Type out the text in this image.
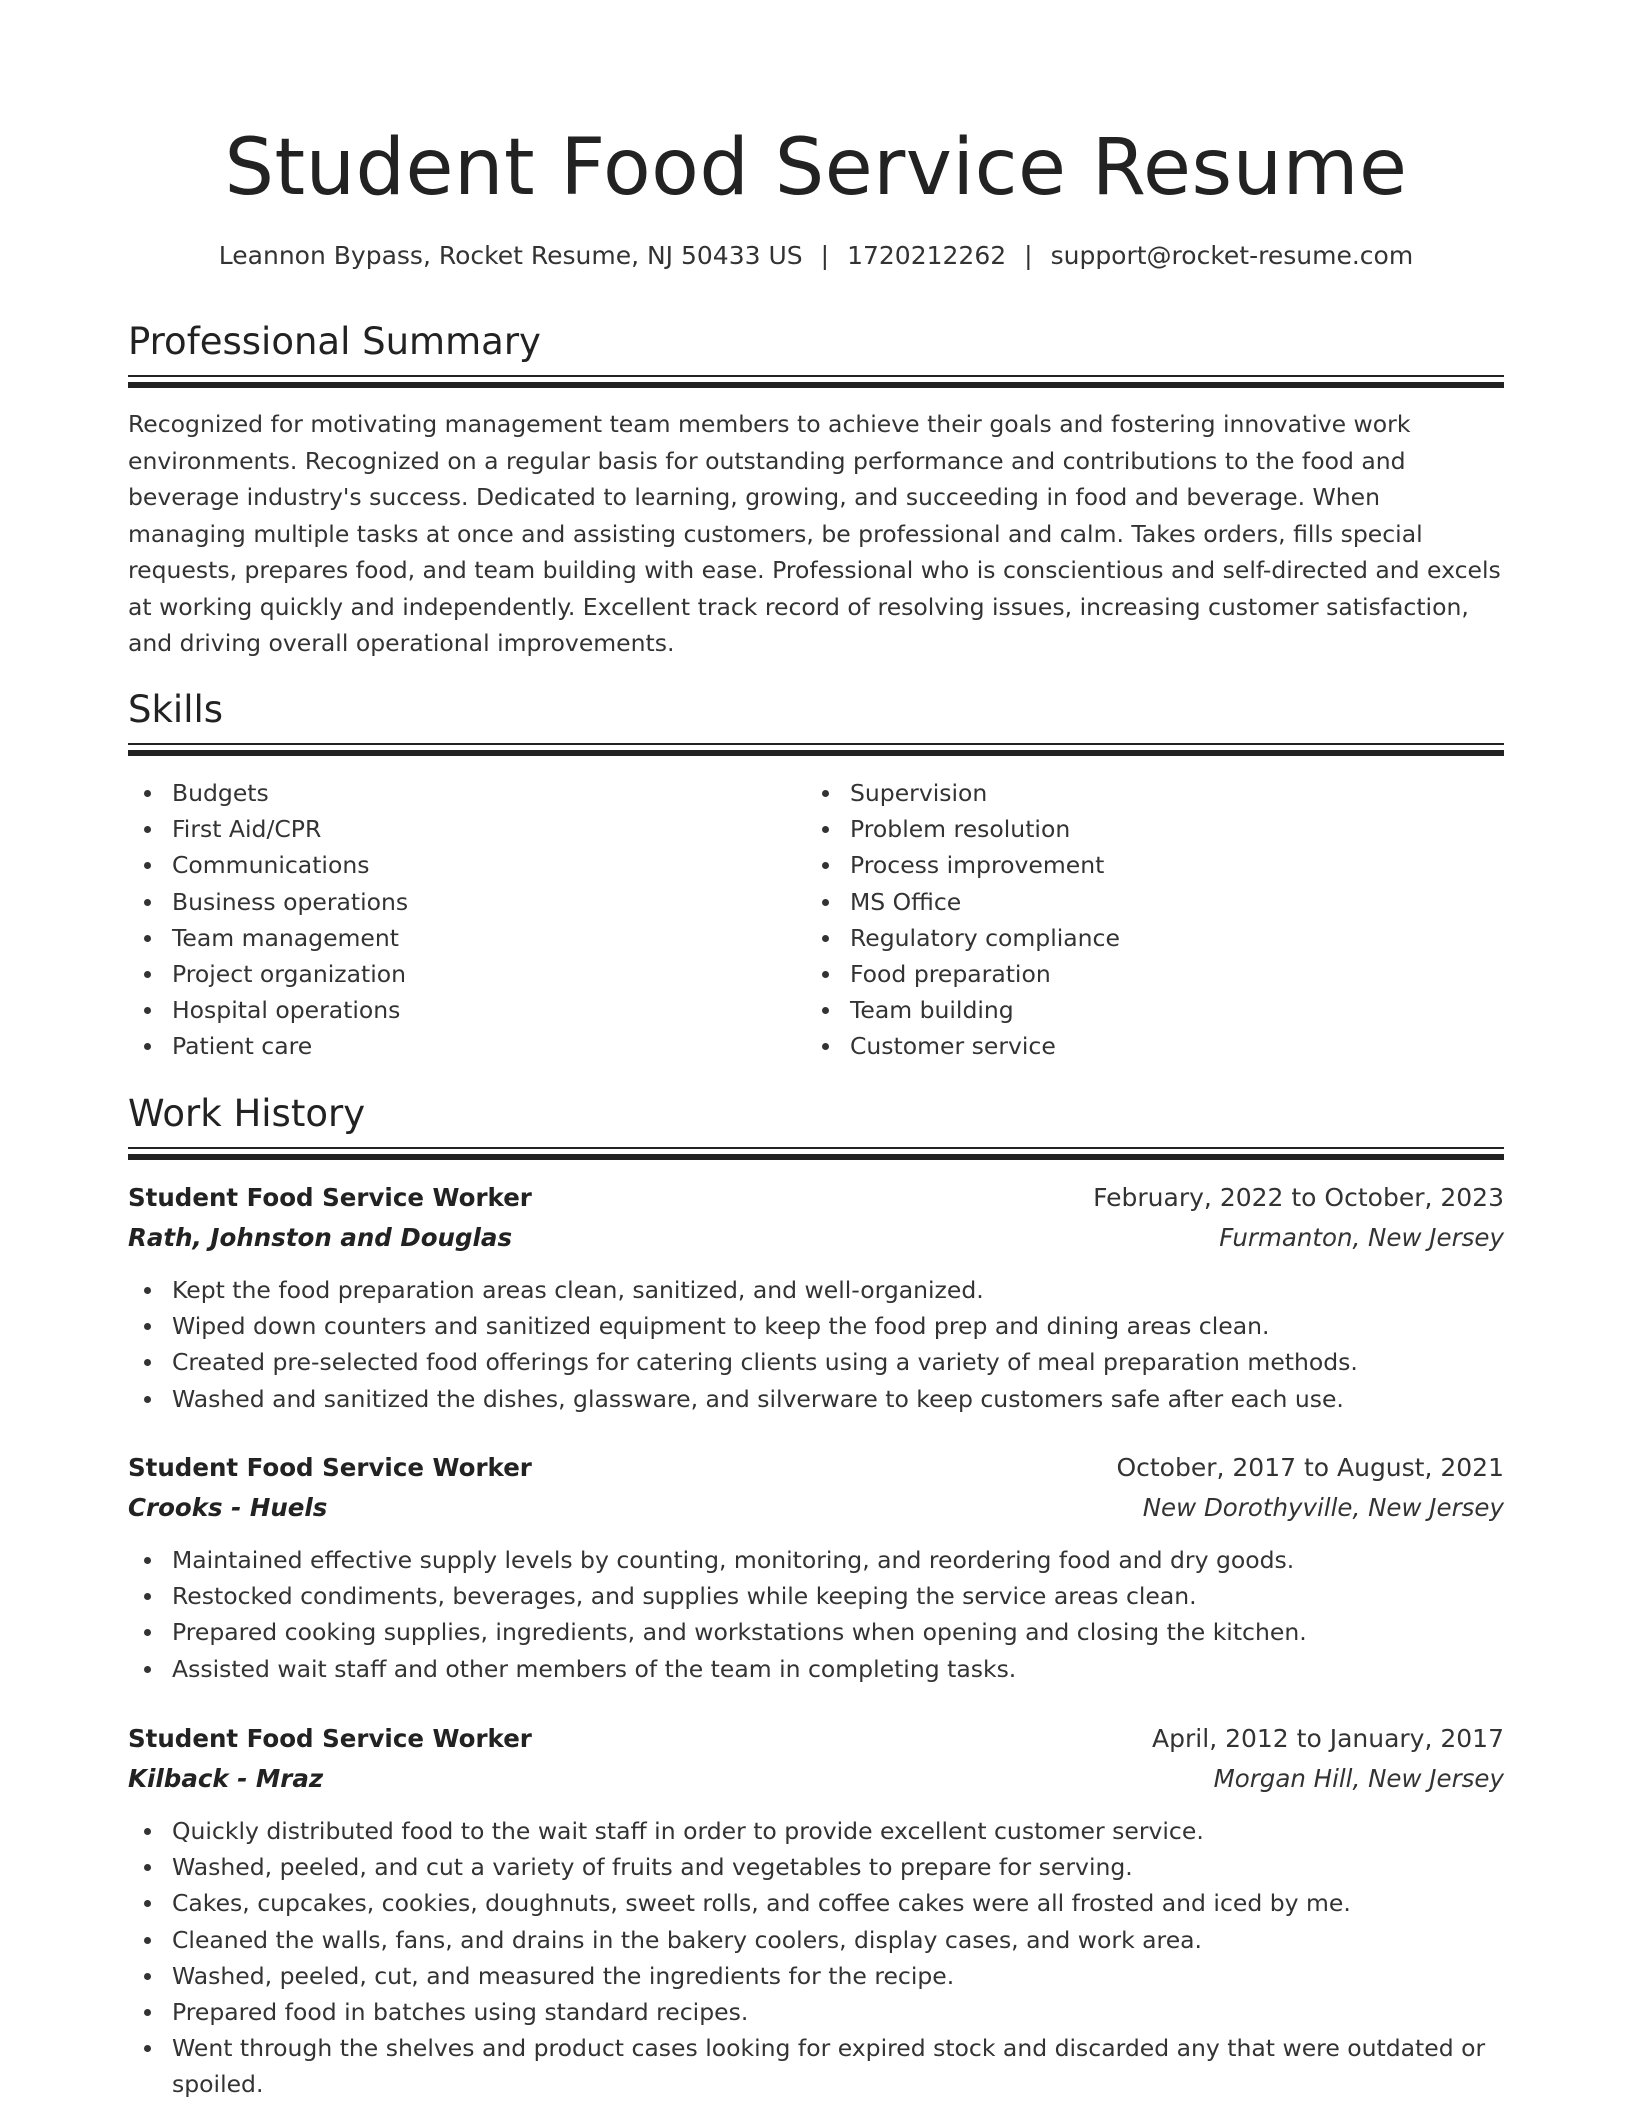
Student Food Service Resume
Leannon Bypass, Rocket Resume, NJ 50433 US | 1720212262 | support@rocket-resume.com
Professional Summary

Recognized for motivating management team members to achieve their goals and fostering innovative work environments. Recognized on a regular basis for outstanding performance and contributions to the food and beverage industry's success. Dedicated to learning, growing, and succeeding in food and beverage. When managing multiple tasks at once and assisting customers, be professional and calm. Takes orders, fills special requests, prepares food, and team building with ease. Professional who is conscientious and self-directed and excels at working quickly and independently. Excellent track record of resolving issues, increasing customer satisfaction, and driving overall operational improvements.

Skills
Budgets
First Aid/CPR
Communications
Business operations
Team management
Project organization
Hospital operations
Patient care
Supervision
Problem resolution
Process improvement
MS Office
Regulatory compliance
Food preparation
Team building
Customer service
Work History
Student Food Service Worker	February, 2022 to October, 2023
Rath, Johnston and Douglas	Furmanton, New Jersey
Kept the food preparation areas clean, sanitized, and well-organized.
Wiped down counters and sanitized equipment to keep the food prep and dining areas clean.
Created pre-selected food offerings for catering clients using a variety of meal preparation methods.
Washed and sanitized the dishes, glassware, and silverware to keep customers safe after each use.
Student Food Service Worker	October, 2017 to August, 2021
Crooks - Huels	New Dorothyville, New Jersey
Maintained effective supply levels by counting, monitoring, and reordering food and dry goods.
Restocked condiments, beverages, and supplies while keeping the service areas clean.
Prepared cooking supplies, ingredients, and workstations when opening and closing the kitchen.
Assisted wait staff and other members of the team in completing tasks.
Student Food Service Worker	April, 2012 to January, 2017
Kilback - Mraz	Morgan Hill, New Jersey
Quickly distributed food to the wait staff in order to provide excellent customer service.
Washed, peeled, and cut a variety of fruits and vegetables to prepare for serving.
Cakes, cupcakes, cookies, doughnuts, sweet rolls, and coffee cakes were all frosted and iced by me.
Cleaned the walls, fans, and drains in the bakery coolers, display cases, and work area.
Washed, peeled, cut, and measured the ingredients for the recipe.
Prepared food in batches using standard recipes.
Went through the shelves and product cases looking for expired stock and discarded any that were outdated or spoiled.
